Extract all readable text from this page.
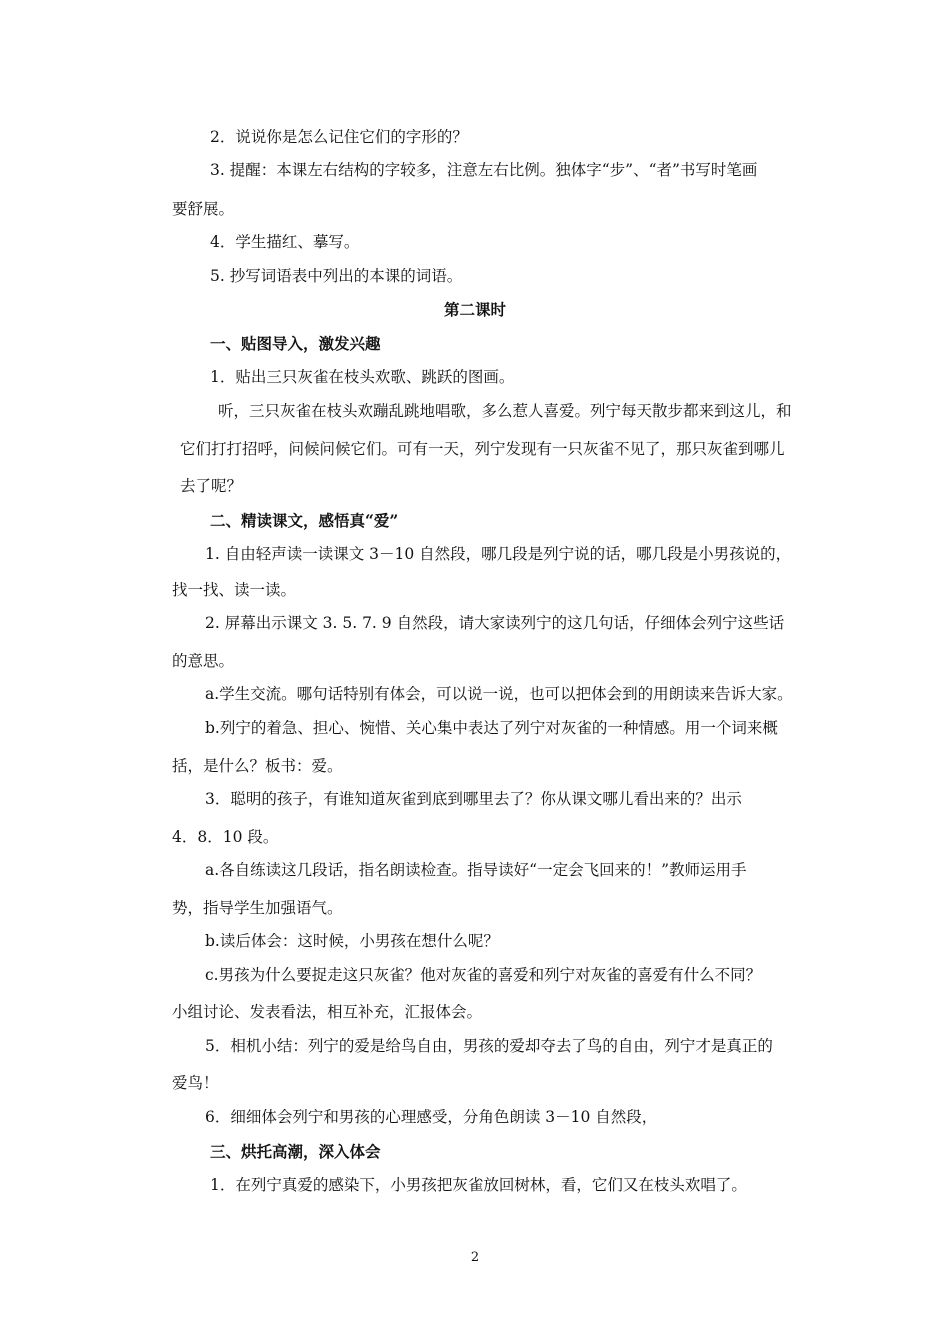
2．说说你是怎么记住它们的字形的？
3. 提醒：本课左右结构的字较多，注意左右比例。独体字“步”、“者”书写时笔画
要舒展。
4．学生描红、摹写。
5. 抄写词语表中列出的本课的词语。
第二课时
一、贴图导入，激发兴趣
1．贴出三只灰雀在枝头欢歌、跳跃的图画。
听，三只灰雀在枝头欢蹦乱跳地唱歌，多么惹人喜爱。列宁每天散步都来到这儿，和
它们打打招呼，问候问候它们。可有一天，列宁发现有一只灰雀不见了，那只灰雀到哪儿
去了呢？
二、精读课文，感悟真“爱”
1. 自由轻声读一读课文 3－10 自然段，哪几段是列宁说的话，哪几段是小男孩说的，
找一找、读一读。
2. 屏幕出示课文 3. 5. 7. 9 自然段，请大家读列宁的这几句话，仔细体会列宁这些话
的意思。
a.学生交流。哪句话特别有体会，可以说一说，也可以把体会到的用朗读来告诉大家。
b.列宁的着急、担心、惋惜、关心集中表达了列宁对灰雀的一种情感。用一个词来概
括，是什么？板书：爱。
3．聪明的孩子，有谁知道灰雀到底到哪里去了？你从课文哪儿看出来的？出示
4．8．10 段。
a.各自练读这几段话，指名朗读检查。指导读好“一定会飞回来的！”教师运用手
势，指导学生加强语气。
b.读后体会：这时候，小男孩在想什么呢？
c.男孩为什么要捉走这只灰雀？他对灰雀的喜爱和列宁对灰雀的喜爱有什么不同？
小组讨论、发表看法，相互补充，汇报体会。
5．相机小结：列宁的爱是给鸟自由，男孩的爱却夺去了鸟的自由，列宁才是真正的
爱鸟！
6．细细体会列宁和男孩的心理感受，分角色朗读 3－10 自然段，
三、烘托高潮，深入体会
1．在列宁真爱的感染下，小男孩把灰雀放回树林，看，它们又在枝头欢唱了。
2
